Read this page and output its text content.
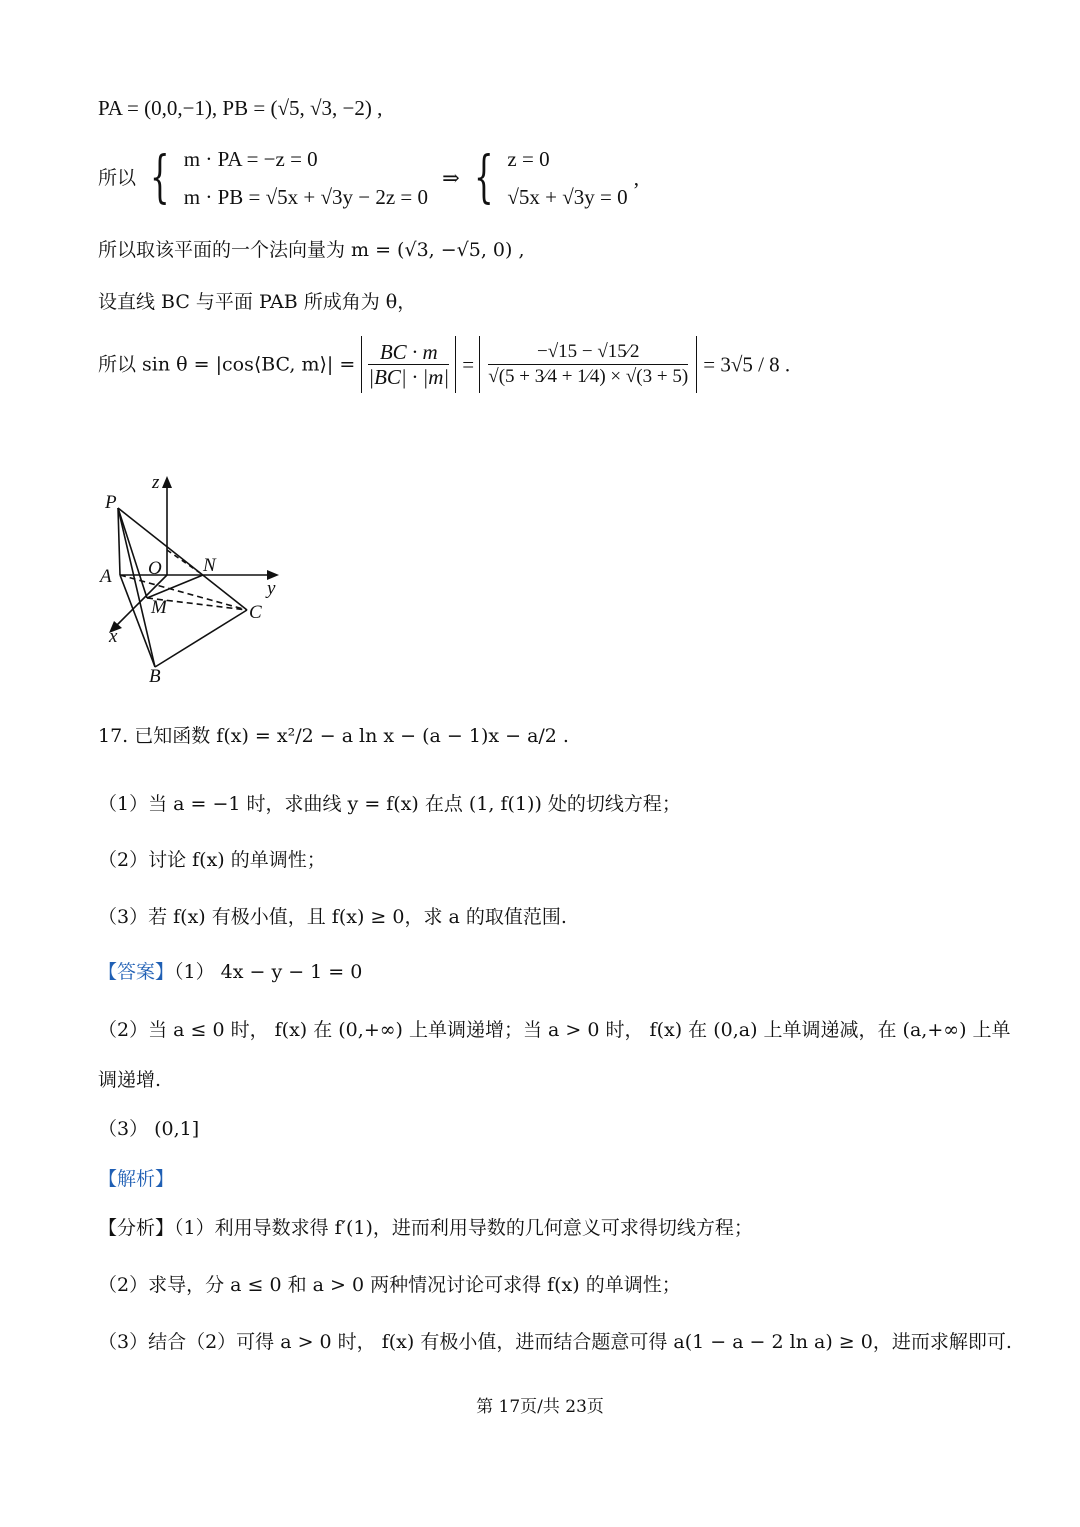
PA = (0,0,−1), PB = (√5, √3, −2) ,
所以 { m · PA = −z = 0
m · PB = √5x + √3y − 2z = 0
⇒ { z = 0
√5x + √3y = 0
,
所以取该平面的一个法向量为 m = (√3, −√5, 0) ,
设直线 BC 与平面 PAB 所成角为 θ，
所以 sin θ = |cos⟨BC, m⟩| = $\frac{BC \cdot m}{|BC| \cdot |m|} = \frac{-√15 - √15⁄2}{√(5 + 3⁄4 + 1⁄4) \times √(3 + 5)} = 3√5 / 8$ .
P
z
O N
A
y
M	C
x
B
17. 已知函数 f(x) = x²/2 − a ln x − (a − 1)x − a/2 .
（1）当 a = −1 时，求曲线 y = f(x) 在点 (1, f(1)) 处的切线方程；
（2）讨论 f(x) 的单调性；
（3）若 f(x) 有极小值，且 f(x) ≥ 0，求 a 的取值范围.
【答案】（1） 4x − y − 1 = 0
（2）当 a ≤ 0 时， f(x) 在 (0,+∞) 上单调递增；当 a > 0 时， f(x) 在 (0,a) 上单调递减，在 (a,+∞) 上单
调递增.
（3） (0,1]
【解析】
【分析】（1）利用导数求得 f′(1)，进而利用导数的几何意义可求得切线方程；
（2）求导，分 a ≤ 0 和 a > 0 两种情况讨论可求得 f(x) 的单调性；
（3）结合（2）可得 a > 0 时， f(x) 有极小值，进而结合题意可得 a(1 − a − 2 ln a) ≥ 0，进而求解即可.
第 17页/共 23页
